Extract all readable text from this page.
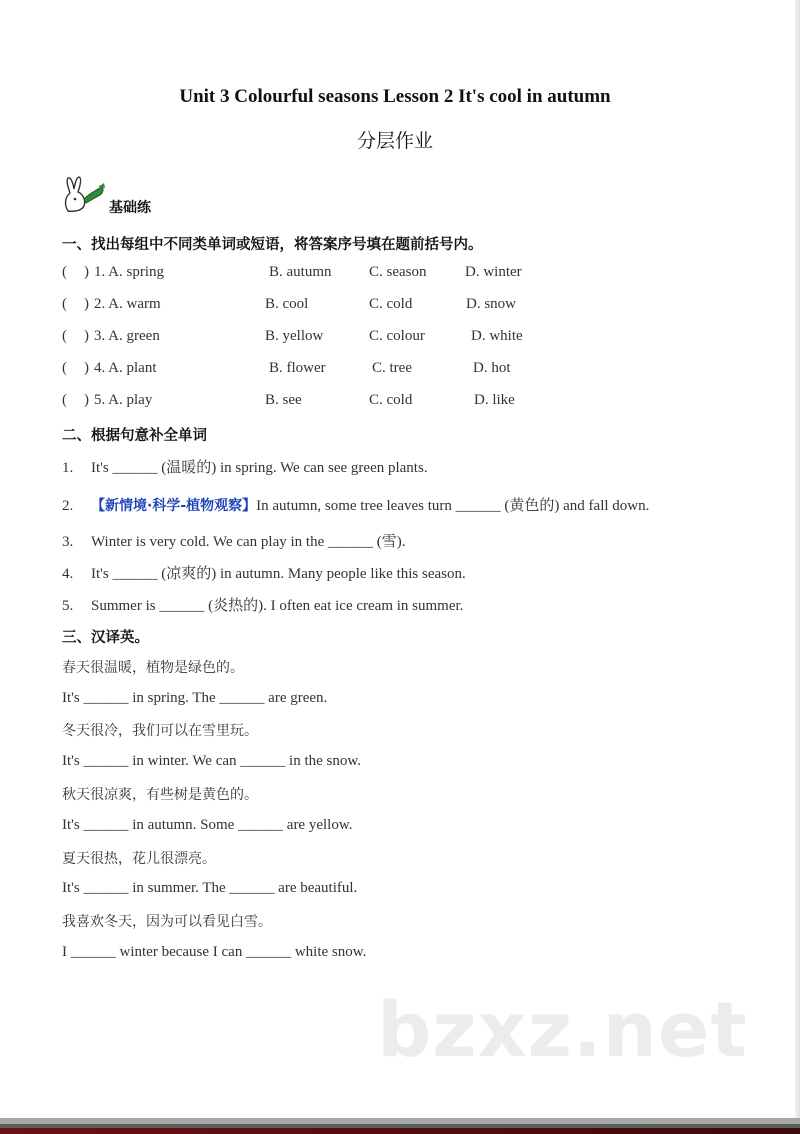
Unit 3 Colourful seasons Lesson 2 It's cool in autumn
分层作业
基础练
一、找出每组中不同类单词或短语，将答案序号填在题前括号内。
( ) 1. A. spring	B. autumn	C. season	D. winter
( ) 2. A. warm	B. cool	C. cold	D. snow
( ) 3. A. green	B. yellow	C. colour	D. white
( ) 4. A. plant	B. flower	C. tree	D. hot
( ) 5. A. play	B. see	C. cold	D. like
二、根据句意补全单词
1. It's ______ (温暖的) in spring. We can see green plants.
2. 【新情境·科学-植物观察】In autumn, some tree leaves turn ______ (黄色的) and fall down.
3. Winter is very cold. We can play in the ______ (雪).
4. It's ______ (凉爽的) in autumn. Many people like this season.
5. Summer is ______ (炎热的). I often eat ice cream in summer.
三、汉译英。
春天很温暖，植物是绿色的。
It's ______ in spring. The ______ are green.
冬天很冷，我们可以在雪里玩。
It's ______ in winter. We can ______ in the snow.
秋天很凉爽，有些树是黄色的。
It's ______ in autumn. Some ______ are yellow.
夏天很热，花儿很漂亮。
It's ______ in summer. The ______ are beautiful.
我喜欢冬天，因为可以看见白雪。
I ______ winter because I can ______ white snow.
bzxz.net
